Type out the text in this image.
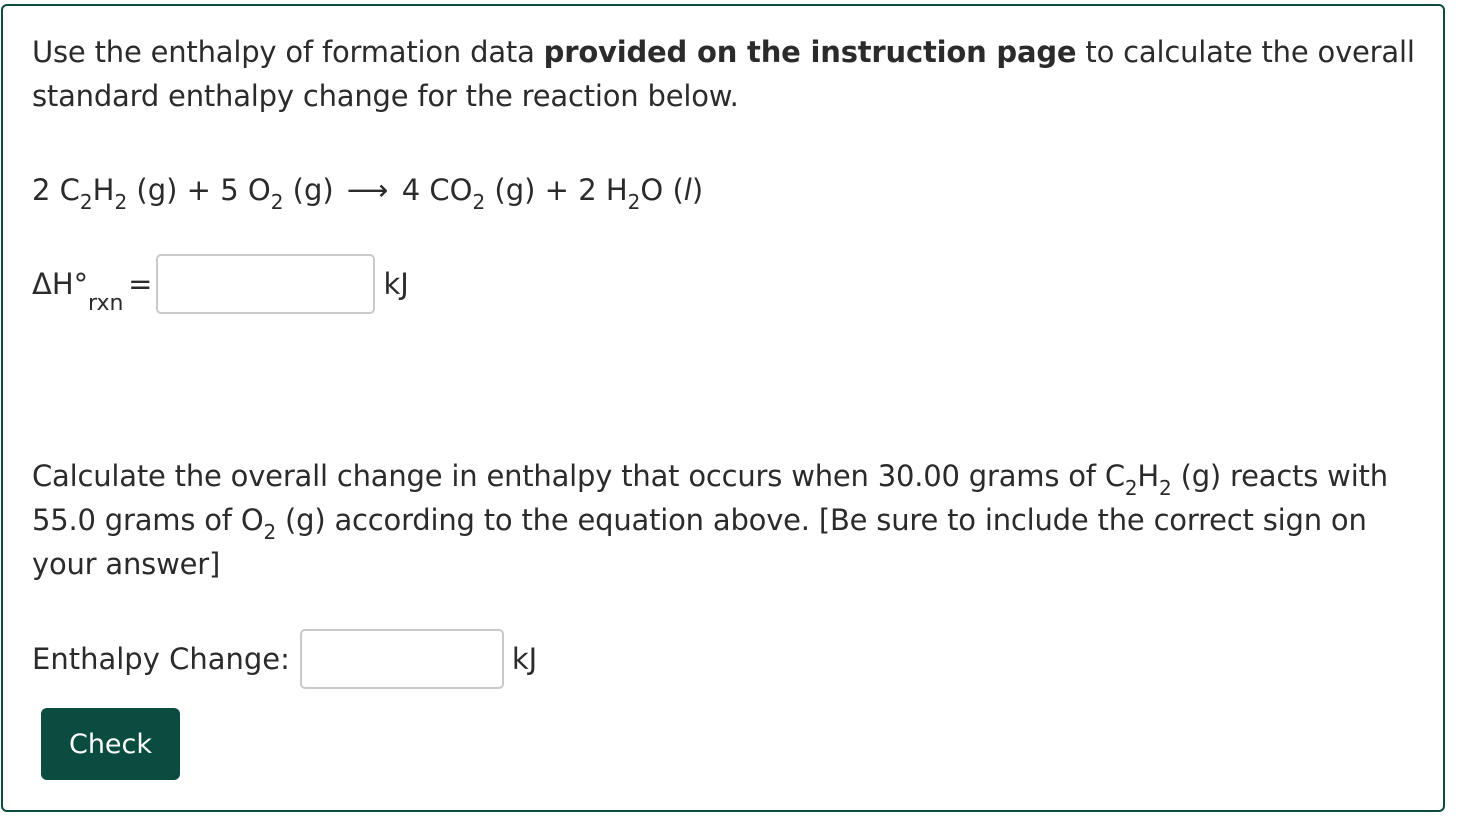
Use the enthalpy of formation data provided on the instruction page to calculate the overall standard enthalpy change for the reaction below.
2 $C_2H_2$ (g) + 5 $O_2$ (g) ⟶ 4 $CO_2$ (g) + 2 $H_2O$ (l)
ΔH°
rxn
=	kJ
Calculate the overall change in enthalpy that occurs when 30.00 grams of $C_2H_2$ (g) reacts with 55.0 grams of $O_2$ (g) according to the equation above. [Be sure to include the correct sign on your answer]
Enthalpy Change:	kJ
Check
